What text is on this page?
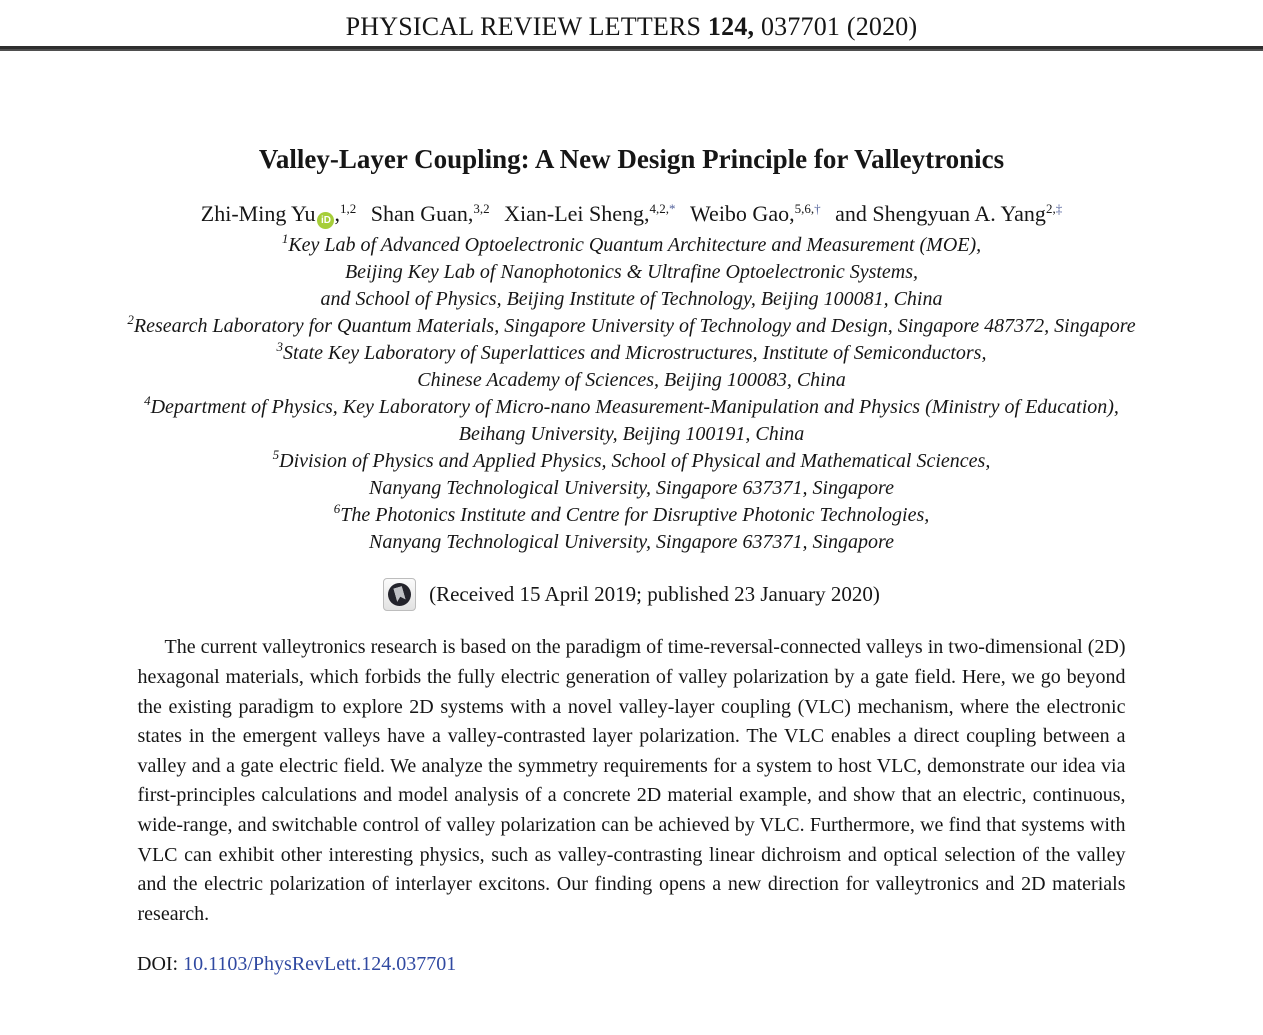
PHYSICAL REVIEW LETTERS 124, 037701 (2020)
Valley-Layer Coupling: A New Design Principle for Valleytronics

Zhi-Ming Yu iD ,$^{1,2}$ Shan Guan,$^{3,2}$ Xian-Lei Sheng,$^{4,2,*}$ Weibo Gao,$^{5,6,\dagger}$ and Shengyuan A. Yang$^{2,\ddagger}$

$^1$Key Lab of Advanced Optoelectronic Quantum Architecture and Measurement (MOE),
Beijing Key Lab of Nanophotonics & Ultrafine Optoelectronic Systems,
and School of Physics, Beijing Institute of Technology, Beijing 100081, China
$^2$Research Laboratory for Quantum Materials, Singapore University of Technology and Design, Singapore 487372, Singapore
$^3$State Key Laboratory of Superlattices and Microstructures, Institute of Semiconductors,
Chinese Academy of Sciences, Beijing 100083, China
$^4$Department of Physics, Key Laboratory of Micro-nano Measurement-Manipulation and Physics (Ministry of Education),
Beihang University, Beijing 100191, China
$^5$Division of Physics and Applied Physics, School of Physical and Mathematical Sciences,
Nanyang Technological University, Singapore 637371, Singapore
$^6$The Photonics Institute and Centre for Disruptive Photonic Technologies,
Nanyang Technological University, Singapore 637371, Singapore
(Received 15 April 2019; published 23 January 2020)

The current valleytronics research is based on the paradigm of time-reversal-connected valleys in two-dimensional (2D) hexagonal materials, which forbids the fully electric generation of valley polarization by a gate field. Here, we go beyond the existing paradigm to explore 2D systems with a novel valley-layer coupling (VLC) mechanism, where the electronic states in the emergent valleys have a valley-contrasted layer polarization. The VLC enables a direct coupling between a valley and a gate electric field. We analyze the symmetry requirements for a system to host VLC, demonstrate our idea via first-principles calculations and model analysis of a concrete 2D material example, and show that an electric, continuous, wide-range, and switchable control of valley polarization can be achieved by VLC. Furthermore, we find that systems with VLC can exhibit other interesting physics, such as valley-contrasting linear dichroism and optical selection of the valley and the electric polarization of interlayer excitons. Our finding opens a new direction for valleytronics and 2D materials research.

DOI: 10.1103/PhysRevLett.124.037701
